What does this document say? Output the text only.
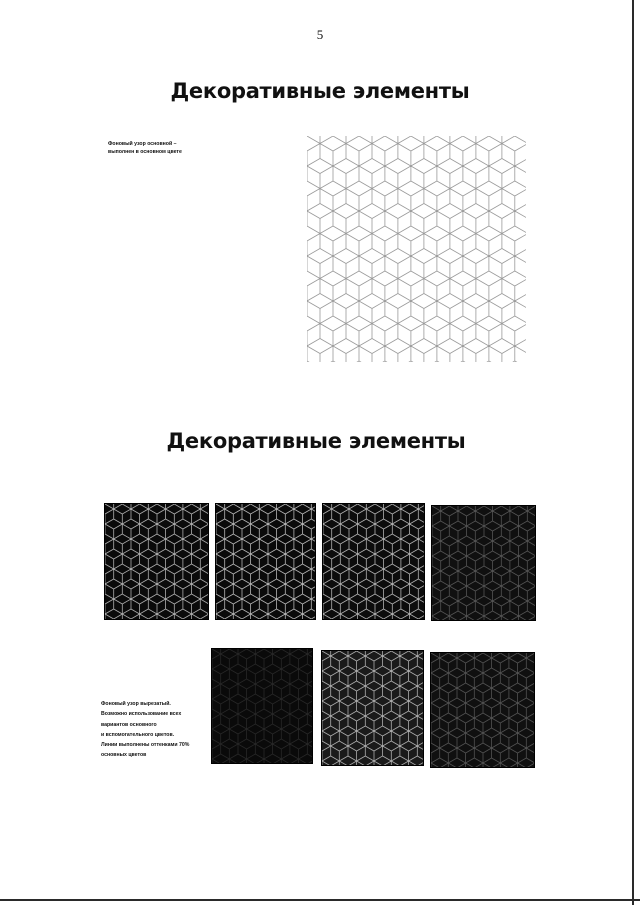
5
Декоративные элементы
Фоновый узор основной –
выполнен в основном цвете
Декоративные элементы
Фоновый узор вырезатый.
Возможно использование всех
вариантов основного
и вспомогательного цветов.
Линии выполнены оттенками 70%
основных цветов
